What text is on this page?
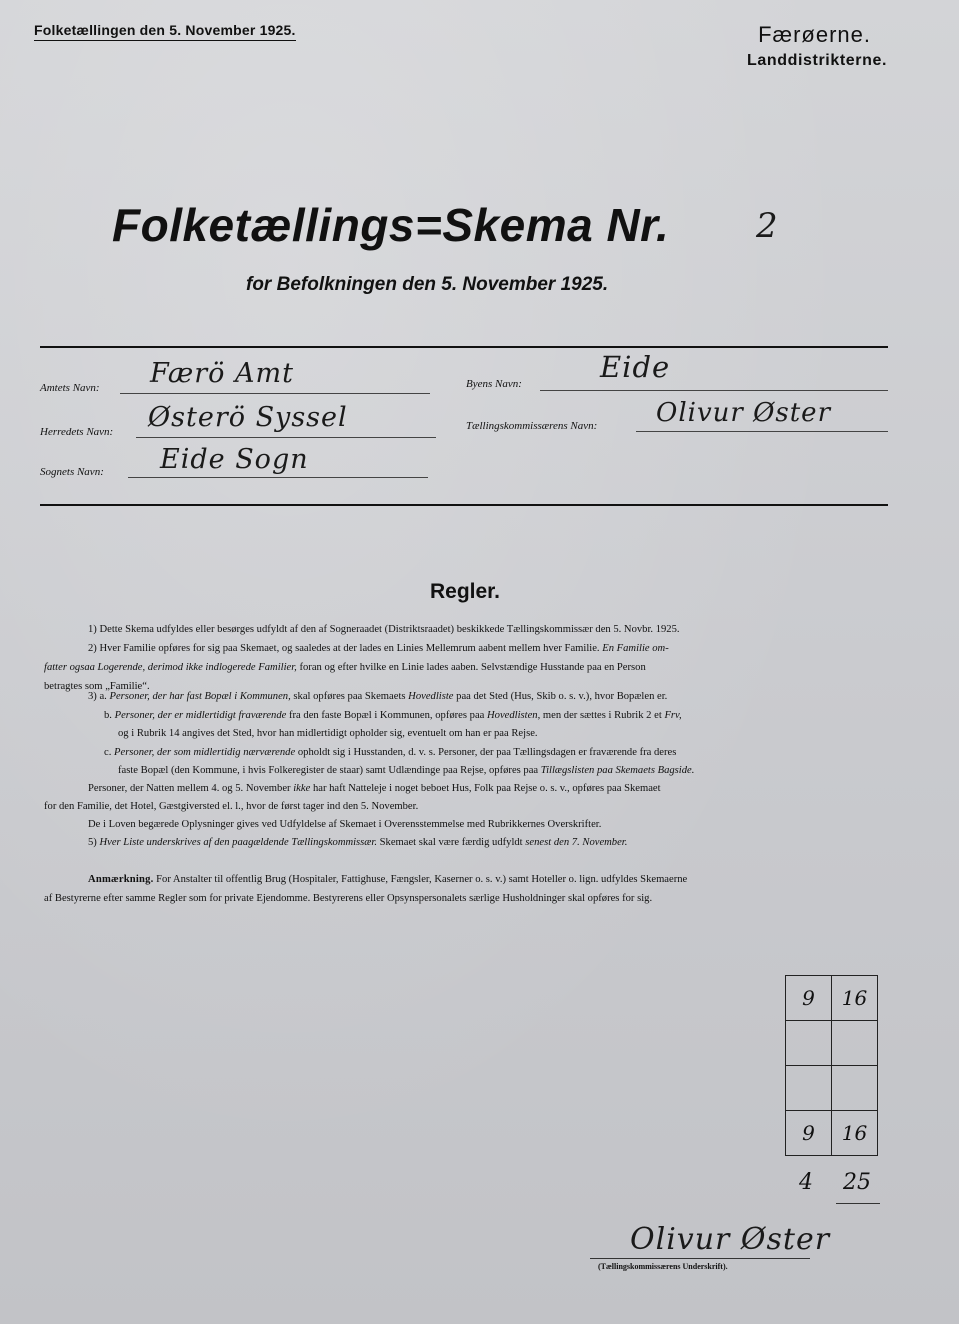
Folketællingen den 5. November 1925.	Færøerne.
Landdistrikterne.
Folketællings=Skema Nr.	2
for Befolkningen den 5. November 1925.
Amtets Navn: Færö Amt
Herredets Navn: Østerö Syssel
Sognets Navn: Eide Sogn
Byens Navn:	Eide
Tællingskommissærens Navn: Olivur Øster
Regler.
1) Dette Skema udfyldes eller besørges udfyldt af den af Sogneraadet (Distriktsraadet) beskikkede Tællingskommissær den 5. Novbr. 1925.
2) Hver Familie opføres for sig paa Skemaet, og saaledes at der lades en Linies Mellemrum aabent mellem hver Familie. En Familie om-
fatter ogsaa Logerende, derimod ikke indlogerede Familier, foran og efter hvilke en Linie lades aaben. Selvstændige Husstande paa en Person
betragtes som „Familie“.
3) a. Personer, der har fast Bopæl i Kommunen, skal opføres paa Skemaets Hovedliste paa det Sted (Hus, Skib o. s. v.), hvor Bopælen er.
b. Personer, der er midlertidigt fraværende fra den faste Bopæl i Kommunen, opføres paa Hovedlisten, men der sættes i Rubrik 2 et Frv,
og i Rubrik 14 angives det Sted, hvor han midlertidigt opholder sig, eventuelt om han er paa Rejse.
c. Personer, der som midlertidig nærværende opholdt sig i Husstanden, d. v. s. Personer, der paa Tællingsdagen er fraværende fra deres
faste Bopæl (den Kommune, i hvis Folkeregister de staar) samt Udlændinge paa Rejse, opføres paa Tillægslisten paa Skemaets Bagside.
Personer, der Natten mellem 4. og 5. November ikke har haft Natteleje i noget beboet Hus, Folk paa Rejse o. s. v., opføres paa Skemaet
for den Familie, det Hotel, Gæstgiversted el. l., hvor de først tager ind den 5. November.
De i Loven begærede Oplysninger gives ved Udfyldelse af Skemaet i Overensstemmelse med Rubrikkernes Overskrifter.
5) Hver Liste underskrives af den paagældende Tællingskommissær. Skemaet skal være færdig udfyldt senest den 7. November.
Anmærkning. For Anstalter til offentlig Brug (Hospitaler, Fattighuse, Fængsler, Kaserner o. s. v.) samt Hoteller o. lign. udfyldes Skemaerne
af Bestyrerne efter samme Regler som for private Ejendomme. Bestyrerens eller Opsynspersonalets særlige Husholdninger skal opføres for sig.
9	16

9	16
4 25
Olivur Øster
(Tællingskommissærens Underskrift).
